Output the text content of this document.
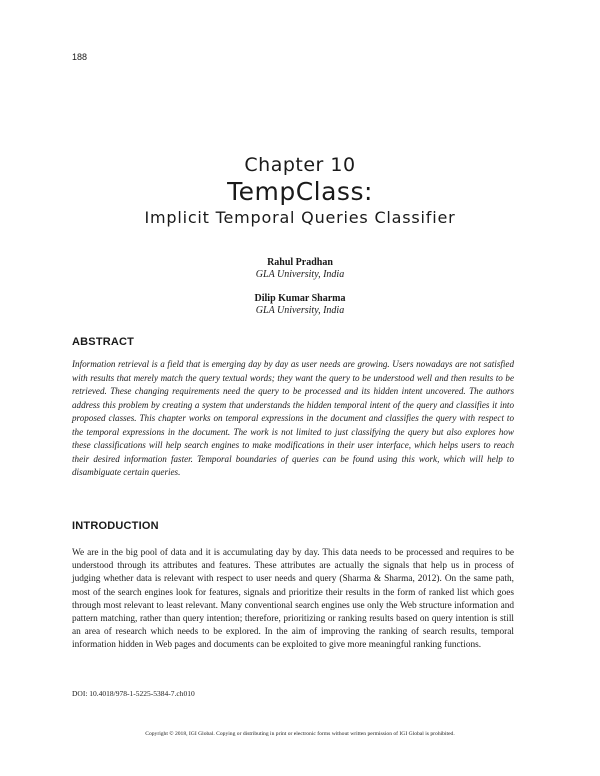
188
Chapter 10
TempClass:
Implicit Temporal Queries Classifier
Rahul Pradhan
GLA University, India
Dilip Kumar Sharma
GLA University, India
ABSTRACT
Information retrieval is a field that is emerging day by day as user needs are growing. Users nowadays are not satisfied with results that merely match the query textual words; they want the query to be understood well and then results to be retrieved. These changing requirements need the query to be processed and its hidden intent uncovered. The authors address this problem by creating a system that understands the hidden temporal intent of the query and classifies it into proposed classes. This chapter works on temporal expressions in the document and classifies the query with respect to the temporal expressions in the document. The work is not limited to just classifying the query but also explores how these classifications will help search engines to make modifications in their user interface, which helps users to reach their desired information faster. Temporal boundaries of queries can be found using this work, which will help to disambiguate certain queries.
INTRODUCTION
We are in the big pool of data and it is accumulating day by day. This data needs to be processed and requires to be understood through its attributes and features. These attributes are actually the signals that help us in process of judging whether data is relevant with respect to user needs and query (Sharma & Sharma, 2012). On the same path, most of the search engines look for features, signals and prioritize their results in the form of ranked list which goes through most relevant to least relevant. Many conventional search engines use only the Web structure information and pattern matching, rather than query intention; therefore, prioritizing or ranking results based on query intention is still an area of research which needs to be explored. In the aim of improving the ranking of search results, temporal information hidden in Web pages and documents can be exploited to give more meaningful ranking functions.
DOI: 10.4018/978-1-5225-5384-7.ch010
Copyright © 2018, IGI Global. Copying or distributing in print or electronic forms without written permission of IGI Global is prohibited.
